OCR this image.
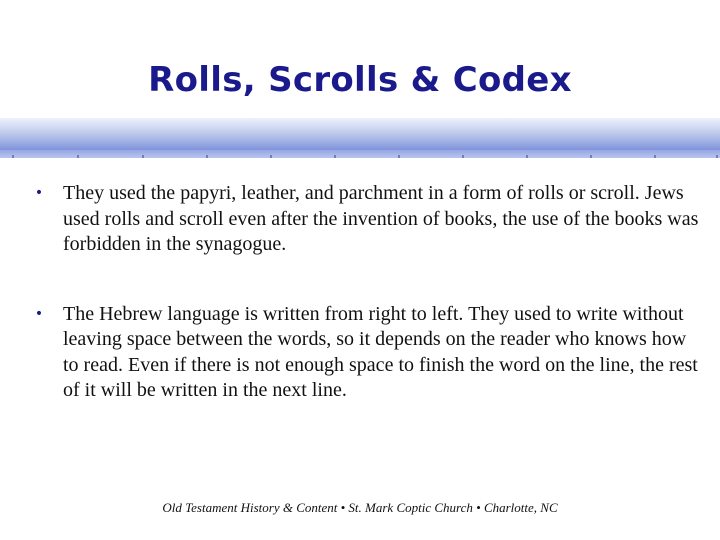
Rolls, Scrolls & Codex
• They used the papyri, leather, and parchment in a form of rolls or scroll. Jews used rolls and scroll even after the invention of books, the use of the books was forbidden in the synagogue.
• The Hebrew language is written from right to left. They used to write without leaving space between the words, so it depends on the reader who knows how to read. Even if there is not enough space to finish the word on the line, the rest of it will be written in the next line.

Old Testament History & Content • St. Mark Coptic Church • Charlotte, NC
